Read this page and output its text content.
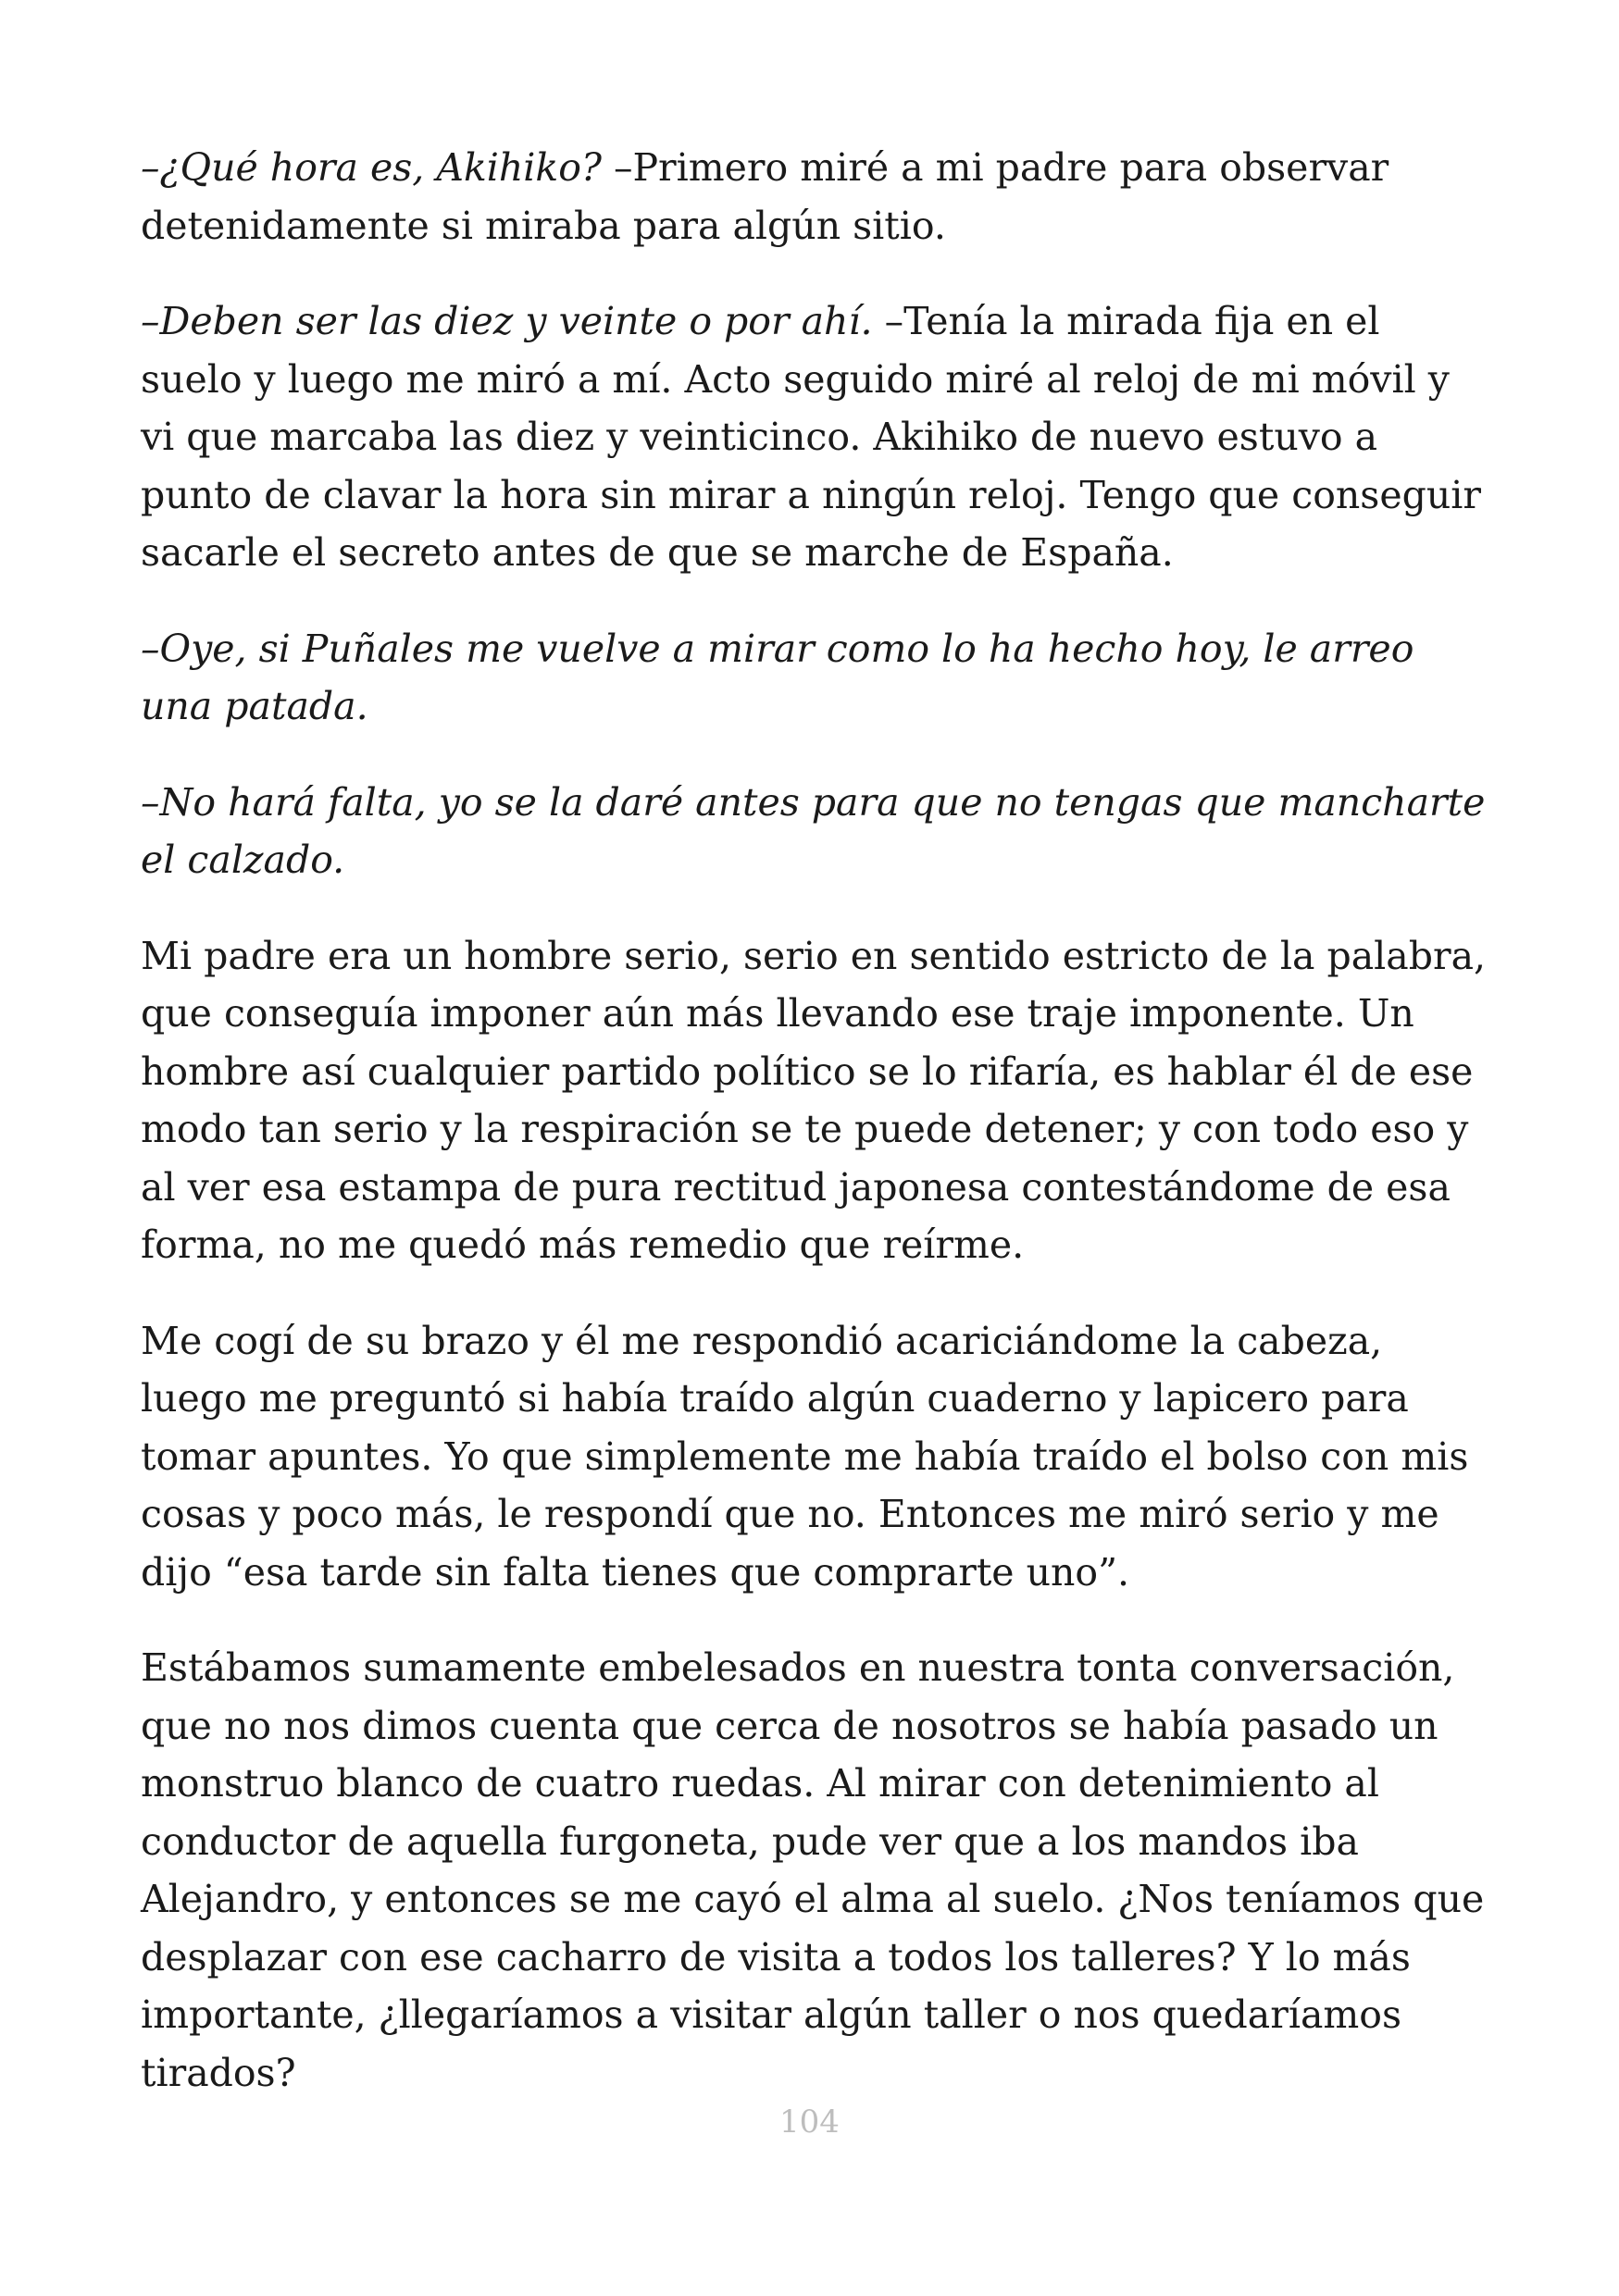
–¿Qué hora es, Akihiko? –Primero miré a mi padre para observar detenidamente si miraba para algún sitio.

–Deben ser las diez y veinte o por ahí. –Tenía la mirada fija en el suelo y luego me miró a mí. Acto seguido miré al reloj de mi móvil y vi que marcaba las diez y veinticinco. Akihiko de nuevo estuvo a punto de clavar la hora sin mirar a ningún reloj. Tengo que conseguir sacarle el secreto antes de que se marche de España.

–Oye, si Puñales me vuelve a mirar como lo ha hecho hoy, le arreo una patada.

–No hará falta, yo se la daré antes para que no tengas que mancharte el calzado.

Mi padre era un hombre serio, serio en sentido estricto de la palabra, que conseguía imponer aún más llevando ese traje imponente. Un hombre así cualquier partido político se lo rifaría, es hablar él de ese modo tan serio y la respiración se te puede detener; y con todo eso y al ver esa estampa de pura rectitud japonesa contestándome de esa forma, no me quedó más remedio que reírme.

Me cogí de su brazo y él me respondió acariciándome la cabeza, luego me preguntó si había traído algún cuaderno y lapicero para tomar apuntes. Yo que simplemente me había traído el bolso con mis cosas y poco más, le respondí que no. Entonces me miró serio y me dijo “esa tarde sin falta tienes que comprarte uno”.

Estábamos sumamente embelesados en nuestra tonta conversación, que no nos dimos cuenta que cerca de nosotros se había pasado un monstruo blanco de cuatro ruedas. Al mirar con detenimiento al conductor de aquella furgoneta, pude ver que a los mandos iba Alejandro, y entonces se me cayó el alma al suelo. ¿Nos teníamos que desplazar con ese cacharro de visita a todos los talleres? Y lo más importante, ¿llegaríamos a visitar algún taller o nos quedaríamos tirados?

104
